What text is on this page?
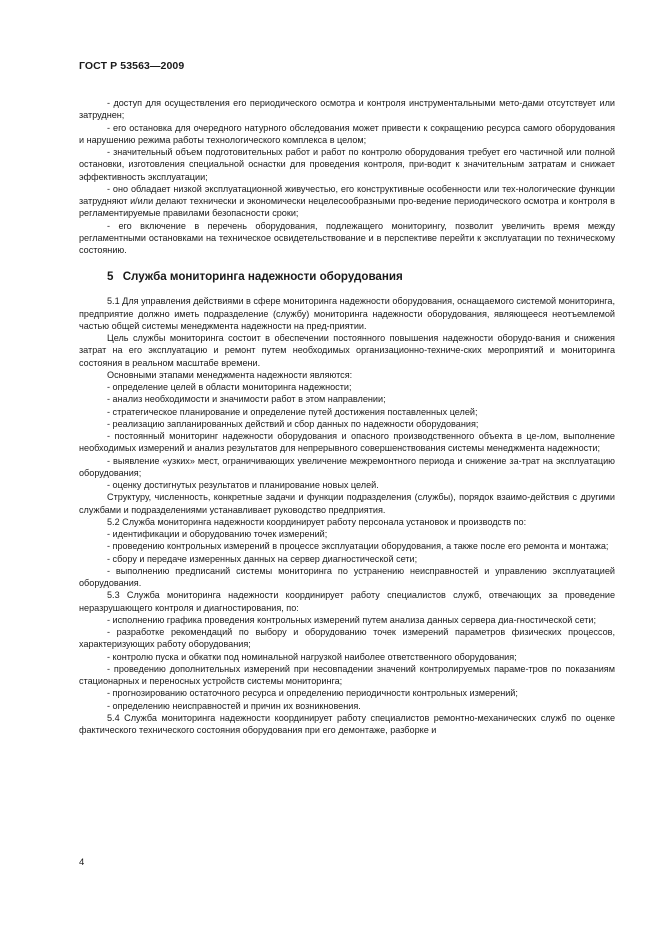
ГОСТ Р 53563—2009

- доступ для осуществления его периодического осмотра и контроля инструментальными мето-дами отсутствует или затруднен;

- его остановка для очередного натурного обследования может привести к сокращению ресурса самого оборудования и нарушению режима работы технологического комплекса в целом;

- значительный объем подготовительных работ и работ по контролю оборудования требует его частичной или полной остановки, изготовления специальной оснастки для проведения контроля, при-водит к значительным затратам и снижает эффективность эксплуатации;

- оно обладает низкой эксплуатационной живучестью, его конструктивные особенности или тех-нологические функции затрудняют и/или делают технически и экономически нецелесообразными про-ведение периодического осмотра и контроля в регламентируемые правилами безопасности сроки;

- его включение в перечень оборудования, подлежащего мониторингу, позволит увеличить время между регламентными остановками на техническое освидетельствование и в перспективе перейти к эксплуатации по техническому состоянию.

5 Служба мониторинга надежности оборудования

5.1 Для управления действиями в сфере мониторинга надежности оборудования, оснащаемого системой мониторинга, предприятие должно иметь подразделение (службу) мониторинга надежности оборудования, являющееся неотъемлемой частью общей системы менеджмента надежности на пред-приятии.

Цель службы мониторинга состоит в обеспечении постоянного повышения надежности оборудо-вания и снижения затрат на его эксплуатацию и ремонт путем необходимых организационно-техниче-ских мероприятий и мониторинга состояния в реальном масштабе времени.

Основными этапами менеджмента надежности являются:

- определение целей в области мониторинга надежности;

- анализ необходимости и значимости работ в этом направлении;

- стратегическое планирование и определение путей достижения поставленных целей;

- реализацию запланированных действий и сбор данных по надежности оборудования;

- постоянный мониторинг надежности оборудования и опасного производственного объекта в це-лом, выполнение необходимых измерений и анализ результатов для непрерывного совершенствования системы менеджмента надежности;

- выявление «узких» мест, ограничивающих увеличение межремонтного периода и снижение за-трат на эксплуатацию оборудования;

- оценку достигнутых результатов и планирование новых целей.

Структуру, численность, конкретные задачи и функции подразделения (службы), порядок взаимо-действия с другими службами и подразделениями устанавливает руководство предприятия.

5.2 Служба мониторинга надежности координирует работу персонала установок и производств по:

- идентификации и оборудованию точек измерений;

- проведению контрольных измерений в процессе эксплуатации оборудования, а также после его ремонта и монтажа;

- сбору и передаче измеренных данных на сервер диагностической сети;

- выполнению предписаний системы мониторинга по устранению неисправностей и управлению эксплуатацией оборудования.

5.3 Служба мониторинга надежности координирует работу специалистов служб, отвечающих за проведение неразрушающего контроля и диагностирования, по:

- исполнению графика проведения контрольных измерений путем анализа данных сервера диа-гностической сети;

- разработке рекомендаций по выбору и оборудованию точек измерений параметров физических процессов, характеризующих работу оборудования;

- контролю пуска и обкатки под номинальной нагрузкой наиболее ответственного оборудования;

- проведению дополнительных измерений при несовпадении значений контролируемых параме-тров по показаниям стационарных и переносных устройств системы мониторинга;

- прогнозированию остаточного ресурса и определению периодичности контрольных измерений;

- определению неисправностей и причин их возникновения.

5.4 Служба мониторинга надежности координирует работу специалистов ремонтно-механических служб по оценке фактического технического состояния оборудования при его демонтаже, разборке и

4
